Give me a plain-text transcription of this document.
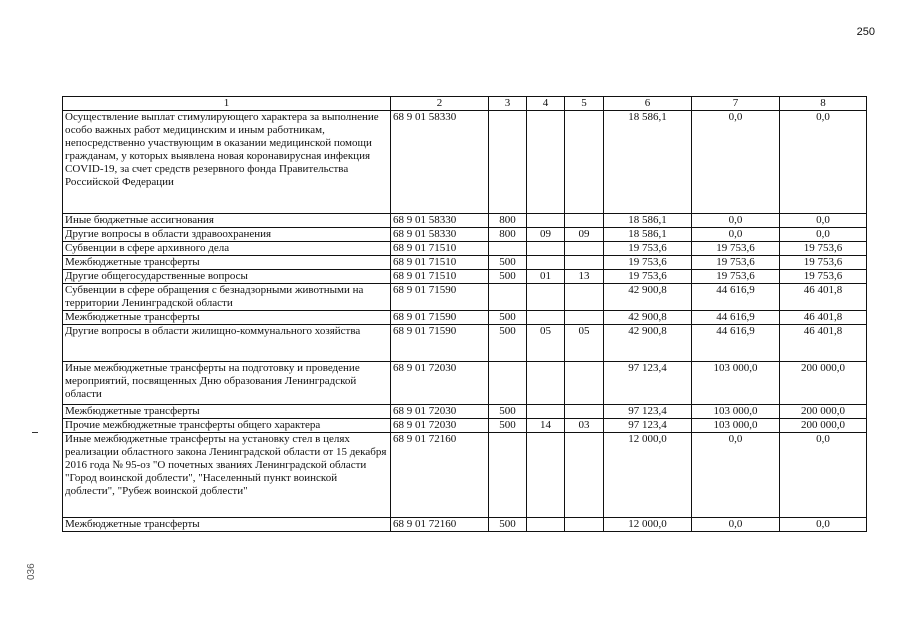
250
036
1	2	3	4	5	6	7	8
Осуществление выплат стимулирующего характера за выполнение особо важных работ медицинским и иным работникам, непосредственно участвующим в оказании медицинской помощи гражданам, у которых выявлена новая коронавирусная инфекция COVID-19, за счет средств резервного фонда Правительства Российской Федерации	68 9 01 58330				18 586,1	0,0	0,0
Иные бюджетные ассигнования	68 9 01 58330	800			18 586,1	0,0	0,0
Другие вопросы в области здравоохранения	68 9 01 58330	800	09	09	18 586,1	0,0	0,0
Субвенции в сфере архивного дела	68 9 01 71510				19 753,6	19 753,6	19 753,6
Межбюджетные трансферты	68 9 01 71510	500			19 753,6	19 753,6	19 753,6
Другие общегосударственные вопросы	68 9 01 71510	500	01	13	19 753,6	19 753,6	19 753,6
Субвенции в сфере обращения с безнадзорными животными на территории Ленинградской области	68 9 01 71590				42 900,8	44 616,9	46 401,8
Межбюджетные трансферты	68 9 01 71590	500			42 900,8	44 616,9	46 401,8
Другие вопросы в области жилищно-коммунального хозяйства	68 9 01 71590	500	05	05	42 900,8	44 616,9	46 401,8
Иные межбюджетные трансферты на подготовку и проведение мероприятий, посвященных Дню образования Ленинградской области	68 9 01 72030				97 123,4	103 000,0	200 000,0
Межбюджетные трансферты	68 9 01 72030	500			97 123,4	103 000,0	200 000,0
Прочие межбюджетные трансферты общего характера	68 9 01 72030	500	14	03	97 123,4	103 000,0	200 000,0
Иные межбюджетные трансферты на установку стел в целях реализации областного закона Ленинградской области от 15 декабря 2016 года № 95-оз "О почетных званиях Ленинградской области "Город воинской доблести", "Населенный пункт воинской доблести", "Рубеж воинской доблести"	68 9 01 72160				12 000,0	0,0	0,0
Межбюджетные трансферты	68 9 01 72160	500			12 000,0	0,0	0,0
